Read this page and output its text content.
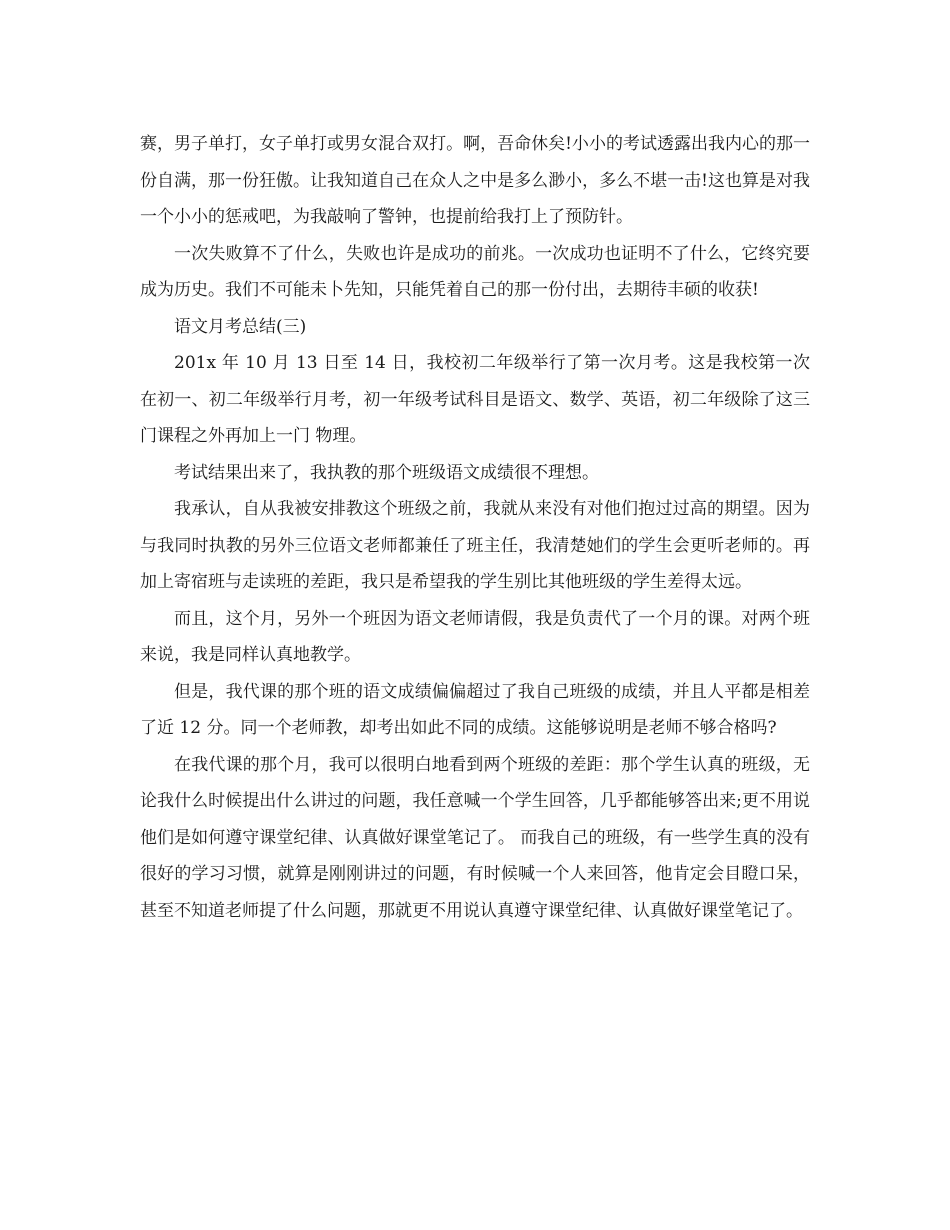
赛，男子单打，女子单打或男女混合双打。啊，吾命休矣!小小的考试透露出我内心的那一份自满，那一份狂傲。让我知道自己在众人之中是多么渺小，多么不堪一击!这也算是对我一个小小的惩戒吧，为我敲响了警钟，也提前给我打上了预防针。

一次失败算不了什么，失败也许是成功的前兆。一次成功也证明不了什么，它终究要成为历史。我们不可能未卜先知，只能凭着自己的那一份付出，去期待丰硕的收获!

语文月考总结(三)

201x 年 10 月 13 日至 14 日，我校初二年级举行了第一次月考。这是我校第一次在初一、初二年级举行月考，初一年级考试科目是语文、数学、英语，初二年级除了这三门课程之外再加上一门 物理。

考试结果出来了，我执教的那个班级语文成绩很不理想。

我承认，自从我被安排教这个班级之前，我就从来没有对他们抱过过高的期望。因为与我同时执教的另外三位语文老师都兼任了班主任，我清楚她们的学生会更听老师的。再加上寄宿班与走读班的差距，我只是希望我的学生别比其他班级的学生差得太远。

而且，这个月，另外一个班因为语文老师请假，我是负责代了一个月的课。对两个班来说，我是同样认真地教学。

但是，我代课的那个班的语文成绩偏偏超过了我自己班级的成绩，并且人平都是相差了近 12 分。同一个老师教，却考出如此不同的成绩。这能够说明是老师不够合格吗?

在我代课的那个月，我可以很明白地看到两个班级的差距：那个学生认真的班级，无论我什么时候提出什么讲过的问题，我任意喊一个学生回答，几乎都能够答出来;更不用说他们是如何遵守课堂纪律、认真做好课堂笔记了。 而我自己的班级，有一些学生真的没有很好的学习习惯，就算是刚刚讲过的问题，有时候喊一个人来回答，他肯定会目瞪口呆，甚至不知道老师提了什么问题，那就更不用说认真遵守课堂纪律、认真做好课堂笔记了。
